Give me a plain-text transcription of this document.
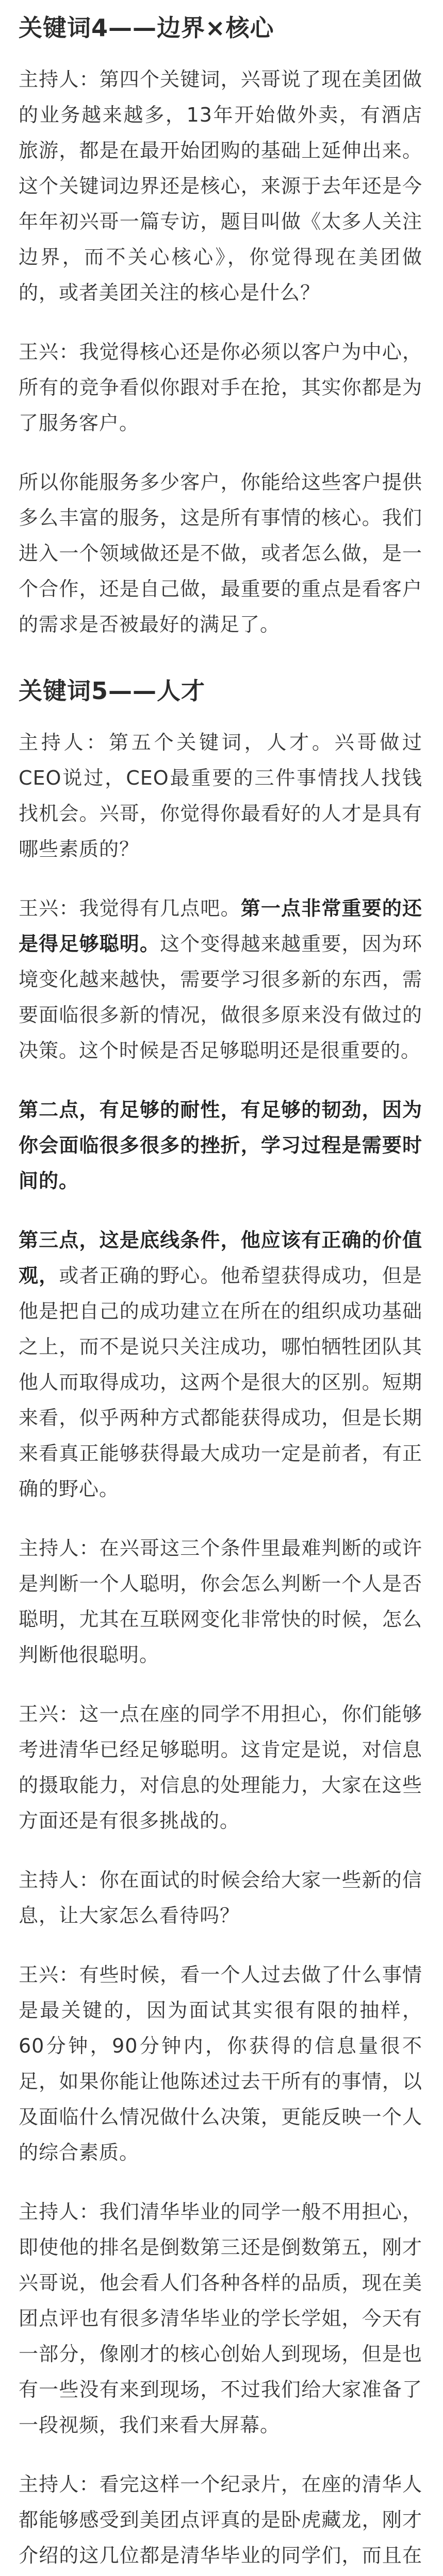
关键词4——边界×核心

主持人：第四个关键词，兴哥说了现在美团做的业务越来越多，13年开始做外卖，有酒店旅游，都是在最开始团购的基础上延伸出来。这个关键词边界还是核心，来源于去年还是今年年初兴哥一篇专访，题目叫做《太多人关注边界，而不关心核心》，你觉得现在美团做的，或者美团关注的核心是什么？

王兴：我觉得核心还是你必须以客户为中心，所有的竞争看似你跟对手在抢，其实你都是为了服务客户。

所以你能服务多少客户，你能给这些客户提供多么丰富的服务，这是所有事情的核心。我们进入一个领域做还是不做，或者怎么做，是一个合作，还是自己做，最重要的重点是看客户的需求是否被最好的满足了。

关键词5——人才

主持人：第五个关键词，人才。兴哥做过CEO说过，CEO最重要的三件事情找人找钱找机会。兴哥，你觉得你最看好的人才是具有哪些素质的？

王兴：我觉得有几点吧。第一点非常重要的还是得足够聪明。这个变得越来越重要，因为环境变化越来越快，需要学习很多新的东西，需要面临很多新的情况，做很多原来没有做过的决策。这个时候是否足够聪明还是很重要的。

第二点，有足够的耐性，有足够的韧劲，因为你会面临很多很多的挫折，学习过程是需要时间的。

第三点，这是底线条件，他应该有正确的价值观，或者正确的野心。他希望获得成功，但是他是把自己的成功建立在所在的组织成功基础之上，而不是说只关注成功，哪怕牺牲团队其他人而取得成功，这两个是很大的区别。短期来看，似乎两种方式都能获得成功，但是长期来看真正能够获得最大成功一定是前者，有正确的野心。

主持人：在兴哥这三个条件里最难判断的或许是判断一个人聪明，你会怎么判断一个人是否聪明，尤其在互联网变化非常快的时候，怎么判断他很聪明。

王兴：这一点在座的同学不用担心，你们能够考进清华已经足够聪明。这肯定是说，对信息的摄取能力，对信息的处理能力，大家在这些方面还是有很多挑战的。

主持人：你在面试的时候会给大家一些新的信息，让大家怎么看待吗？

王兴：有些时候，看一个人过去做了什么事情是最关键的，因为面试其实很有限的抽样，60分钟，90分钟内，你获得的信息量很不足，如果你能让他陈述过去干所有的事情，以及面临什么情况做什么决策，更能反映一个人的综合素质。

主持人：我们清华毕业的同学一般不用担心，即使他的排名是倒数第三还是倒数第五，刚才兴哥说，他会看人们各种各样的品质，现在美团点评也有很多清华毕业的学长学姐，今天有一部分，像刚才的核心创始人到现场，但是也有一些没有来到现场，不过我们给大家准备了一段视频，我们来看大屏幕。

主持人：看完这样一个纪录片，在座的清华人都能够感受到美团点评真的是卧虎藏龙，刚才介绍的这几位都是清华毕业的同学们，而且在
